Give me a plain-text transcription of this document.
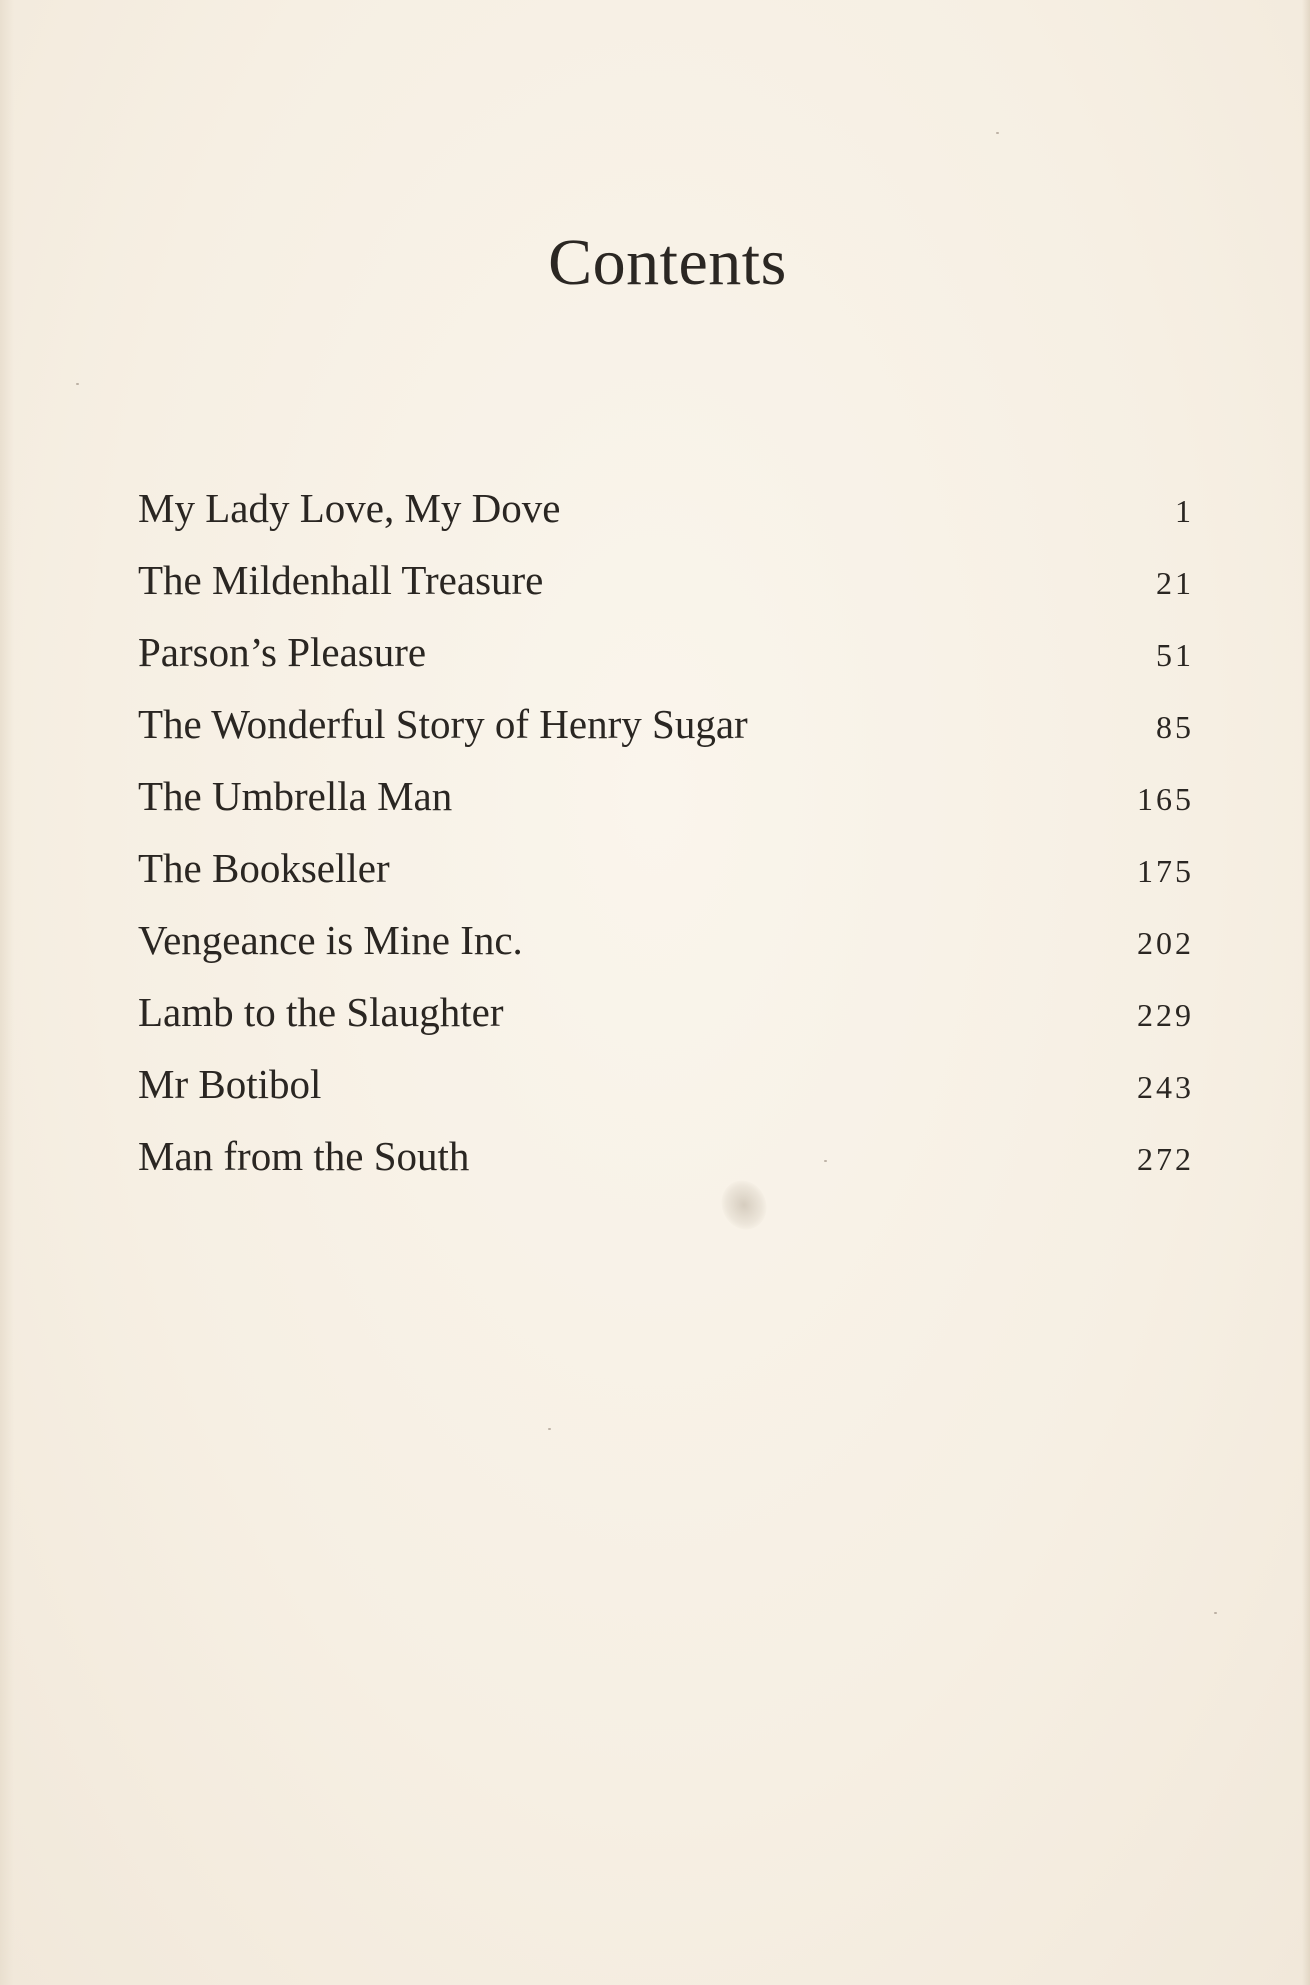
Contents
My Lady Love, My Dove	1
The Mildenhall Treasure	21
Parson’s Pleasure	51
The Wonderful Story of Henry Sugar	85
The Umbrella Man	165
The Bookseller	175
Vengeance is Mine Inc.	202
Lamb to the Slaughter	229
Mr Botibol	243
Man from the South	272
